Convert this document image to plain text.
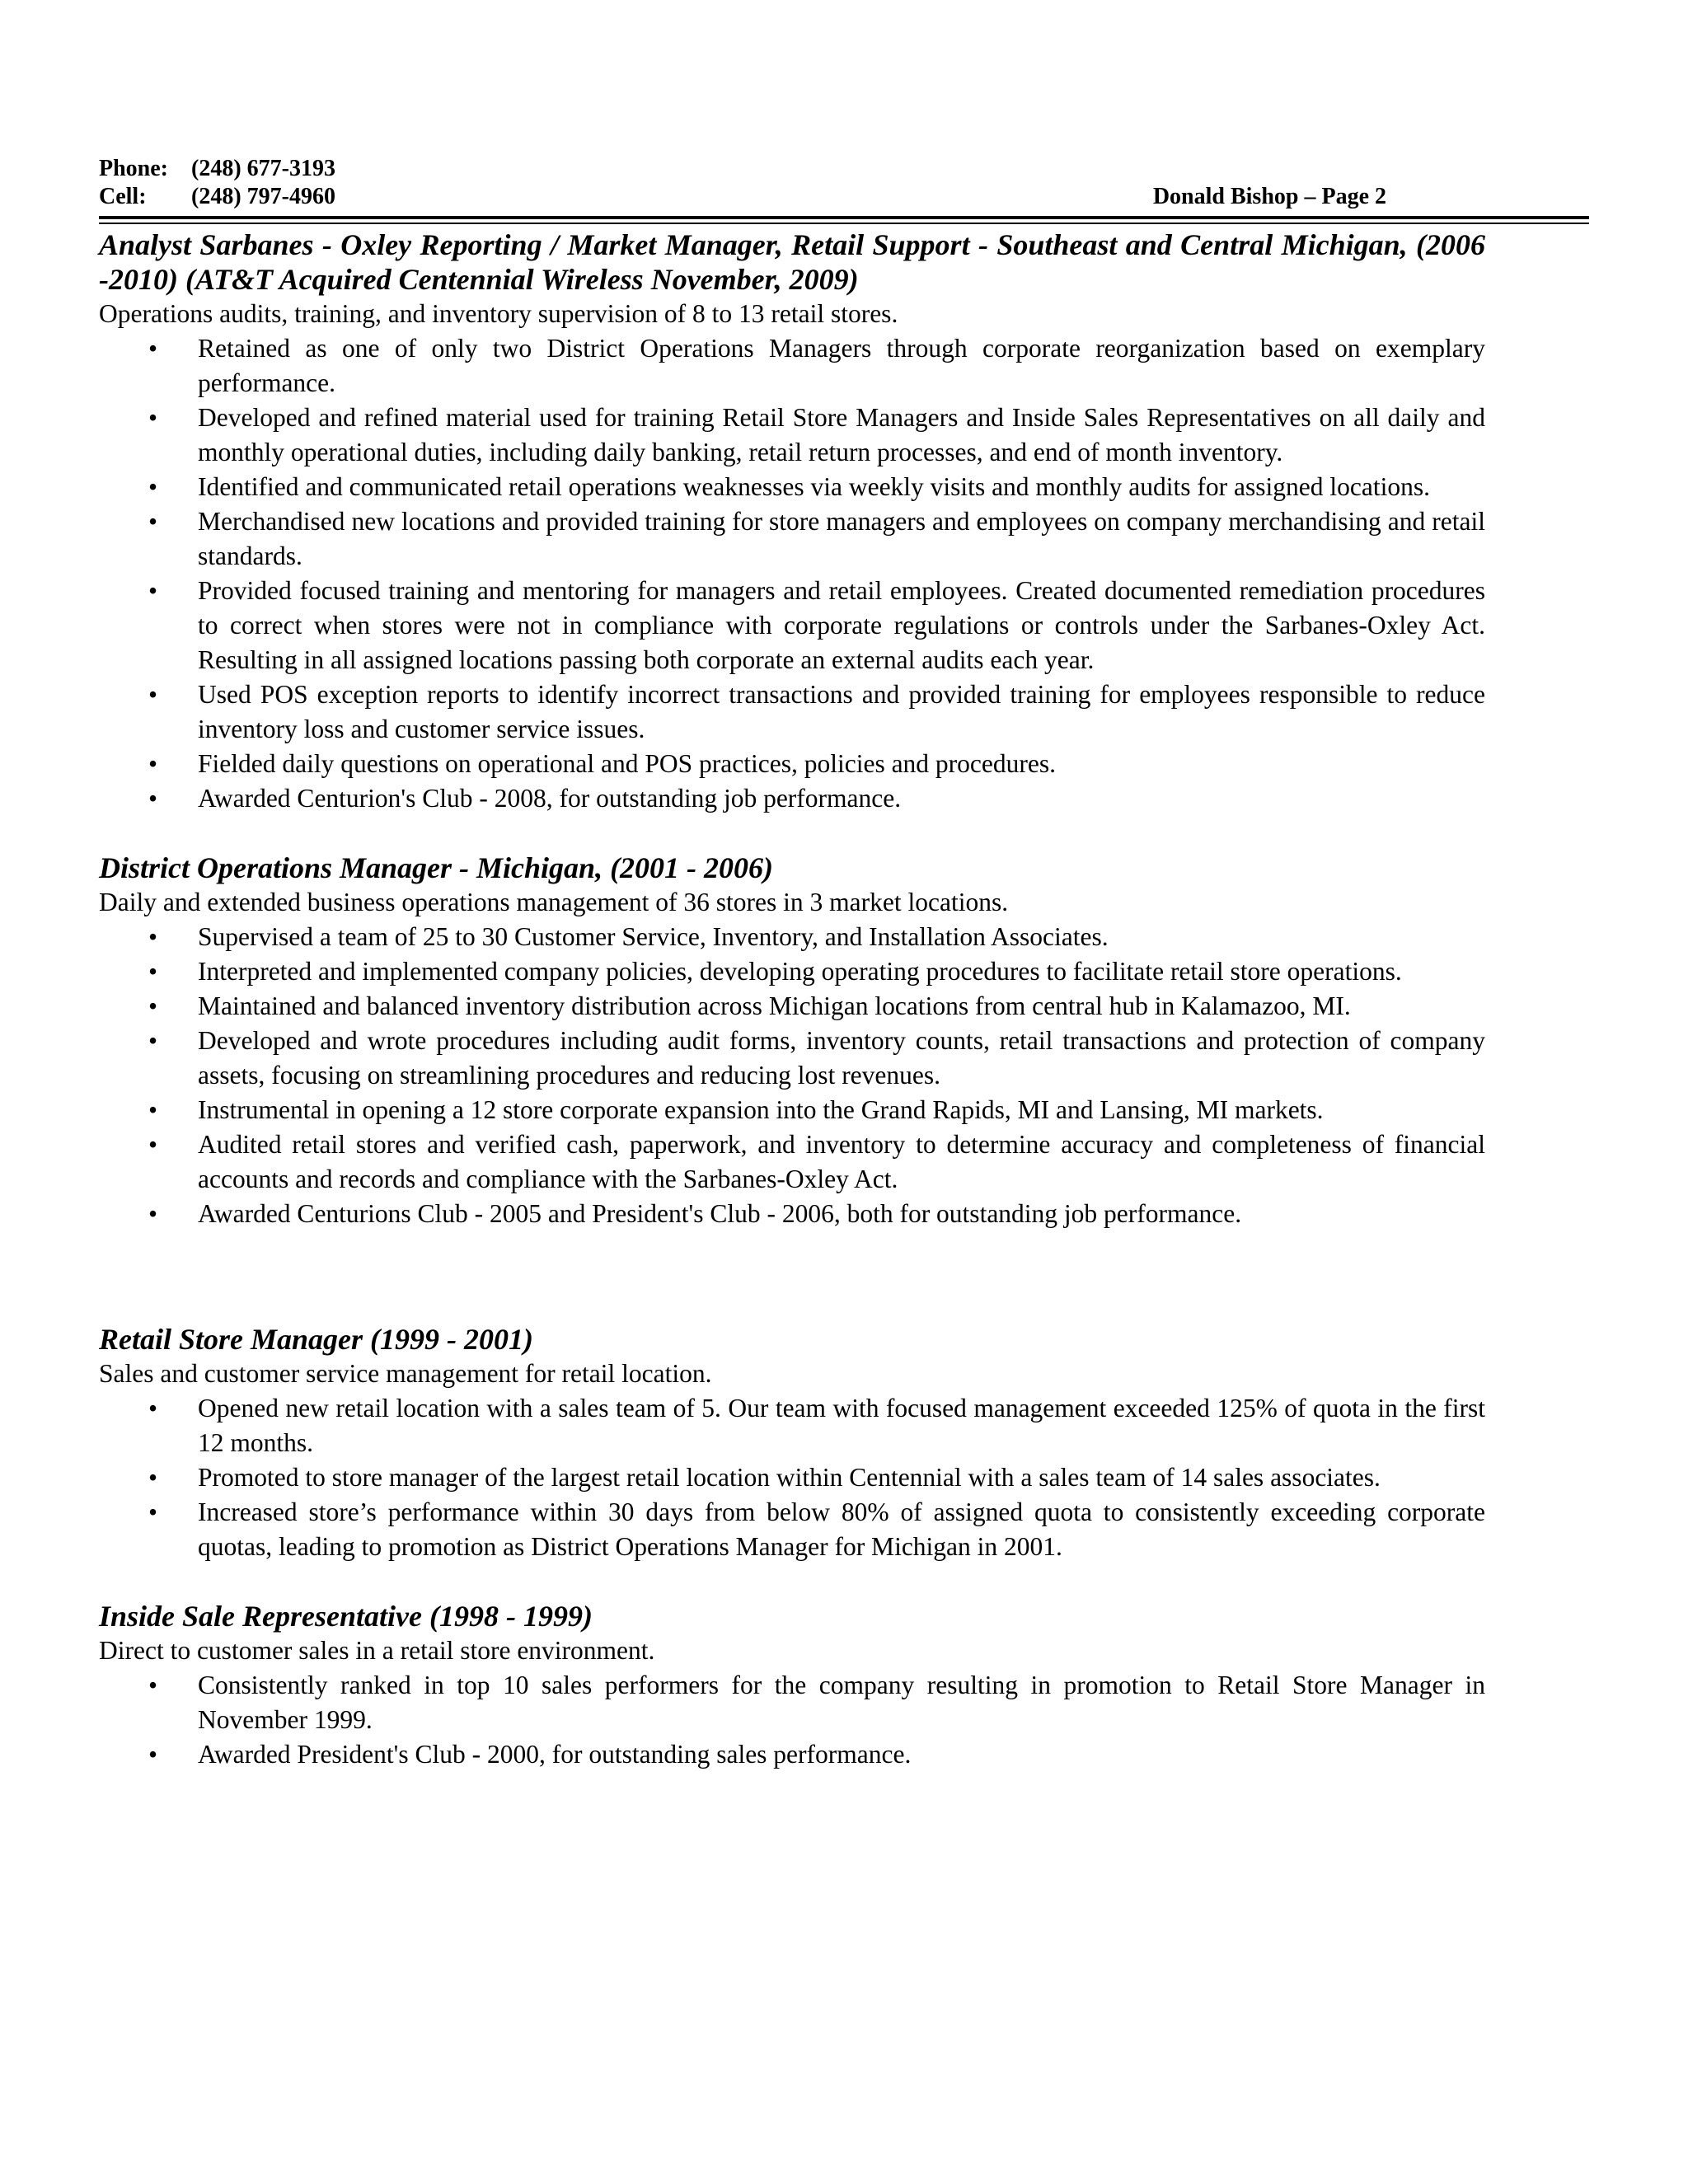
Phone: (248) 677-3193
Cell: (248) 797-4960	Donald Bishop – Page 2
Analyst Sarbanes - Oxley Reporting / Market Manager, Retail Support - Southeast and Central Michigan, (2006 -2010) (AT&T Acquired Centennial Wireless November, 2009)
Operations audits, training, and inventory supervision of 8 to 13 retail stores.
• Retained as one of only two District Operations Managers through corporate reorganization based on exemplary performance.
• Developed and refined material used for training Retail Store Managers and Inside Sales Representatives on all daily and monthly operational duties, including daily banking, retail return processes, and end of month inventory.
• Identified and communicated retail operations weaknesses via weekly visits and monthly audits for assigned locations.
• Merchandised new locations and provided training for store managers and employees on company merchandising and retail standards.
• Provided focused training and mentoring for managers and retail employees. Created documented remediation procedures to correct when stores were not in compliance with corporate regulations or controls under the Sarbanes-Oxley Act. Resulting in all assigned locations passing both corporate an external audits each year.
• Used POS exception reports to identify incorrect transactions and provided training for employees responsible to reduce inventory loss and customer service issues.
• Fielded daily questions on operational and POS practices, policies and procedures.
• Awarded Centurion's Club - 2008, for outstanding job performance.
District Operations Manager - Michigan, (2001 - 2006)
Daily and extended business operations management of 36 stores in 3 market locations.
• Supervised a team of 25 to 30 Customer Service, Inventory, and Installation Associates.
• Interpreted and implemented company policies, developing operating procedures to facilitate retail store operations.
• Maintained and balanced inventory distribution across Michigan locations from central hub in Kalamazoo, MI.
• Developed and wrote procedures including audit forms, inventory counts, retail transactions and protection of company assets, focusing on streamlining procedures and reducing lost revenues.
• Instrumental in opening a 12 store corporate expansion into the Grand Rapids, MI and Lansing, MI markets.
• Audited retail stores and verified cash, paperwork, and inventory to determine accuracy and completeness of financial accounts and records and compliance with the Sarbanes-Oxley Act.
• Awarded Centurions Club - 2005 and President's Club - 2006, both for outstanding job performance.
Retail Store Manager (1999 - 2001)
Sales and customer service management for retail location.
• Opened new retail location with a sales team of 5. Our team with focused management exceeded 125% of quota in the first 12 months.
• Promoted to store manager of the largest retail location within Centennial with a sales team of 14 sales associates.
• Increased store’s performance within 30 days from below 80% of assigned quota to consistently exceeding corporate quotas, leading to promotion as District Operations Manager for Michigan in 2001.
Inside Sale Representative (1998 - 1999)
Direct to customer sales in a retail store environment.
• Consistently ranked in top 10 sales performers for the company resulting in promotion to Retail Store Manager in November 1999.
• Awarded President's Club - 2000, for outstanding sales performance.
